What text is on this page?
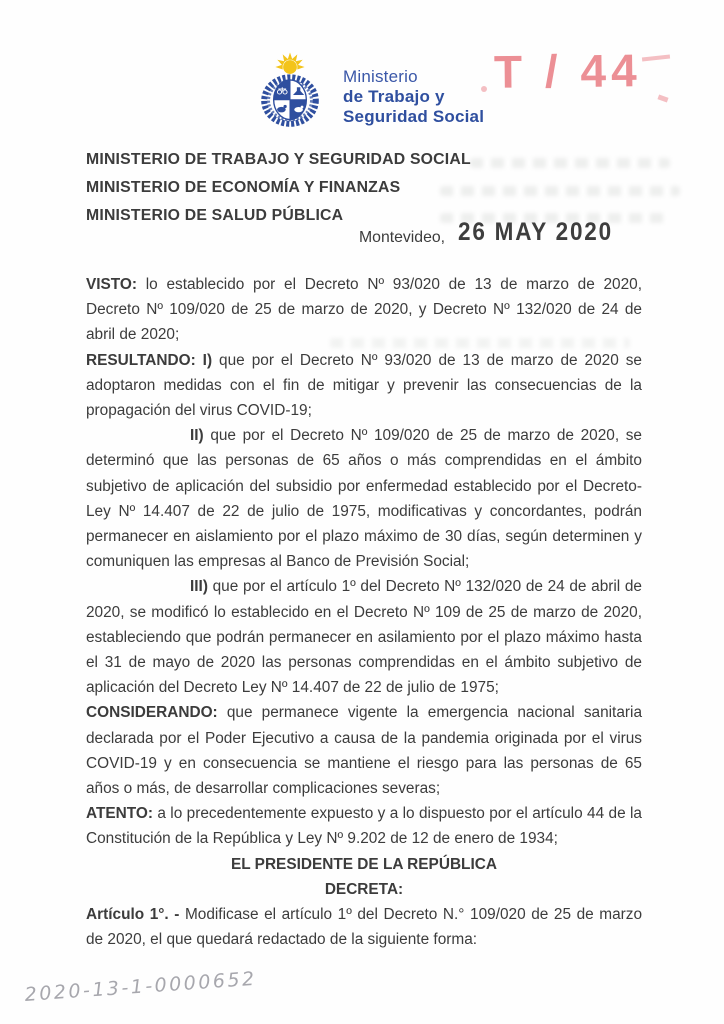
Ministerio
de Trabajo y
Seguridad Social
T / 44

MINISTERIO DE TRABAJO Y SEGURIDAD SOCIAL

MINISTERIO DE ECONOMÍA Y FINANZAS

MINISTERIO DE SALUD PÚBLICA

Montevideo, 26 MAY 2020

VISTO: lo establecido por el Decreto Nº 93/020 de 13 de marzo de 2020, Decreto Nº 109/020 de 25 de marzo de 2020, y Decreto Nº 132/020 de 24 de abril de 2020;

RESULTANDO: I) que por el Decreto Nº 93/020 de 13 de marzo de 2020 se adoptaron medidas con el fin de mitigar y prevenir las consecuencias de la propagación del virus COVID-19;

II) que por el Decreto Nº 109/020 de 25 de marzo de 2020, se determinó que las personas de 65 años o más comprendidas en el ámbito subjetivo de aplicación del subsidio por enfermedad establecido por el Decreto-Ley Nº 14.407 de 22 de julio de 1975, modificativas y concordantes, podrán permanecer en aislamiento por el plazo máximo de 30 días, según determinen y comuniquen las empresas al Banco de Previsión Social;

III) que por el artículo 1º del Decreto Nº 132/020 de 24 de abril de 2020, se modificó lo establecido en el Decreto Nº 109 de 25 de marzo de 2020, estableciendo que podrán permanecer en asilamiento por el plazo máximo hasta el 31 de mayo de 2020 las personas comprendidas en el ámbito subjetivo de aplicación del Decreto Ley Nº 14.407 de 22 de julio de 1975;

CONSIDERANDO: que permanece vigente la emergencia nacional sanitaria declarada por el Poder Ejecutivo a causa de la pandemia originada por el virus COVID-19 y en consecuencia se mantiene el riesgo para las personas de 65 años o más, de desarrollar complicaciones severas;

ATENTO: a lo precedentemente expuesto y a lo dispuesto por el artículo 44 de la Constitución de la República y Ley Nº 9.202 de 12 de enero de 1934;

EL PRESIDENTE DE LA REPÚBLICA

DECRETA:

Artículo 1°. - Modificase el artículo 1º del Decreto N.° 109/020 de 25 de marzo de 2020, el que quedará redactado de la siguiente forma:

2020-13-1-0000652
